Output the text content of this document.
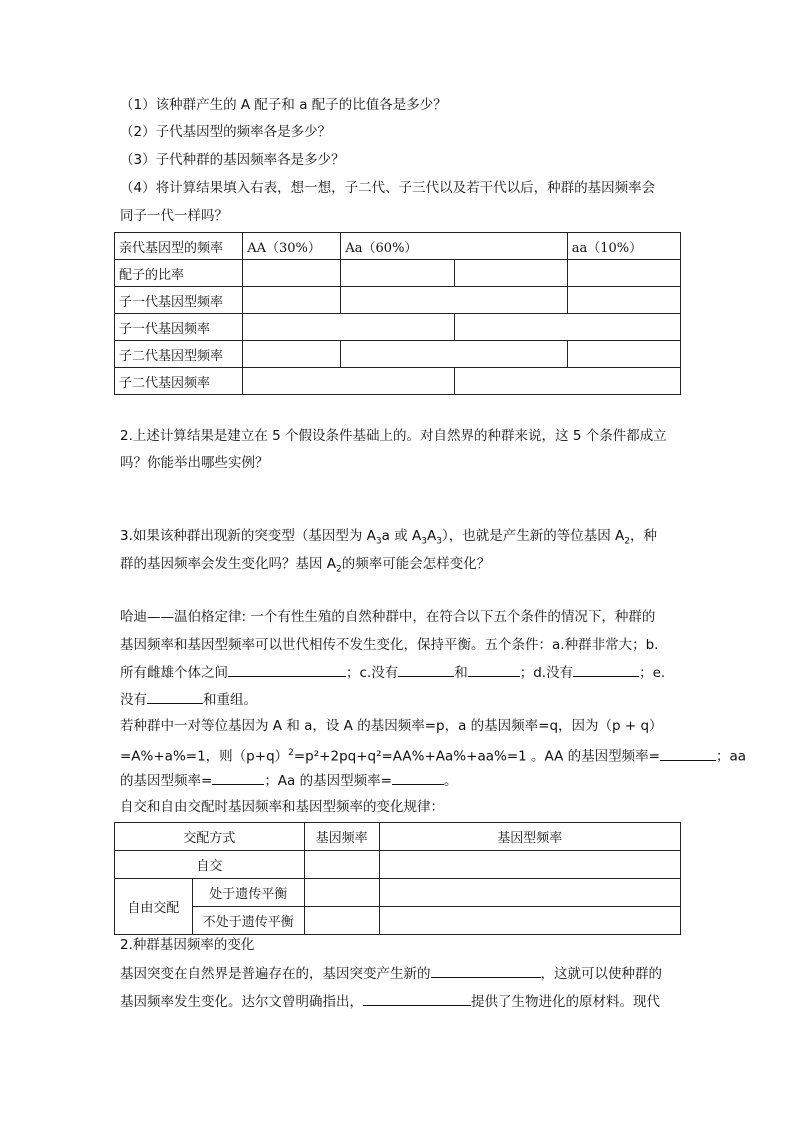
（1）该种群产生的 A 配子和 a 配子的比值各是多少？
（2）子代基因型的频率各是多少？
（3）子代种群的基因频率各是多少？
（4）将计算结果填入右表，想一想，子二代、子三代以及若干代以后，种群的基因频率会
同子一代一样吗？
亲代基因型的频率	AA（30%）	Aa（60%）		aa（10%）
配子的比率				
子一代基因型频率				
子一代基因频率				
子二代基因型频率				
子二代基因频率				
2.上述计算结果是建立在 5 个假设条件基础上的。对自然界的种群来说，这 5 个条件都成立
吗？你能举出哪些实例？
3.如果该种群出现新的突变型（基因型为 $A_3a$ 或 $A_3A_3$），也就是产生新的等位基因 $A_2$，种
群的基因频率会发生变化吗？基因 $A_2$的频率可能会怎样变化？
哈迪——温伯格定律: 一个有性生殖的自然种群中，在符合以下五个条件的情况下，种群的
基因频率和基因型频率可以世代相传不发生变化，保持平衡。五个条件：a.种群非常大；b.
所有雌雄个体之间	；c.没有	和	；d.没有	；e.
没有	和重组。
若种群中一对等位基因为 A 和 a，设 A 的基因频率=p，a 的基因频率=q，因为（p + q）
=A%+a%=1，则$(p+q)^2=p^2+2pq+q^2=AA\%+Aa\%+aa\%=1$ 。AA 的基因型频率=	；aa
的基因型频率=	；Aa 的基因型频率=	。
自交和自由交配时基因频率和基因型频率的变化规律：
交配方式		基因频率	基因型频率
自交			
自由交配	处于遗传平衡		
	不处于遗传平衡		
2.种群基因频率的变化
基因突变在自然界是普遍存在的，基因突变产生新的	，这就可以使种群的
基因频率发生变化。达尔文曾明确指出，	提供了生物进化的原材料。现代
